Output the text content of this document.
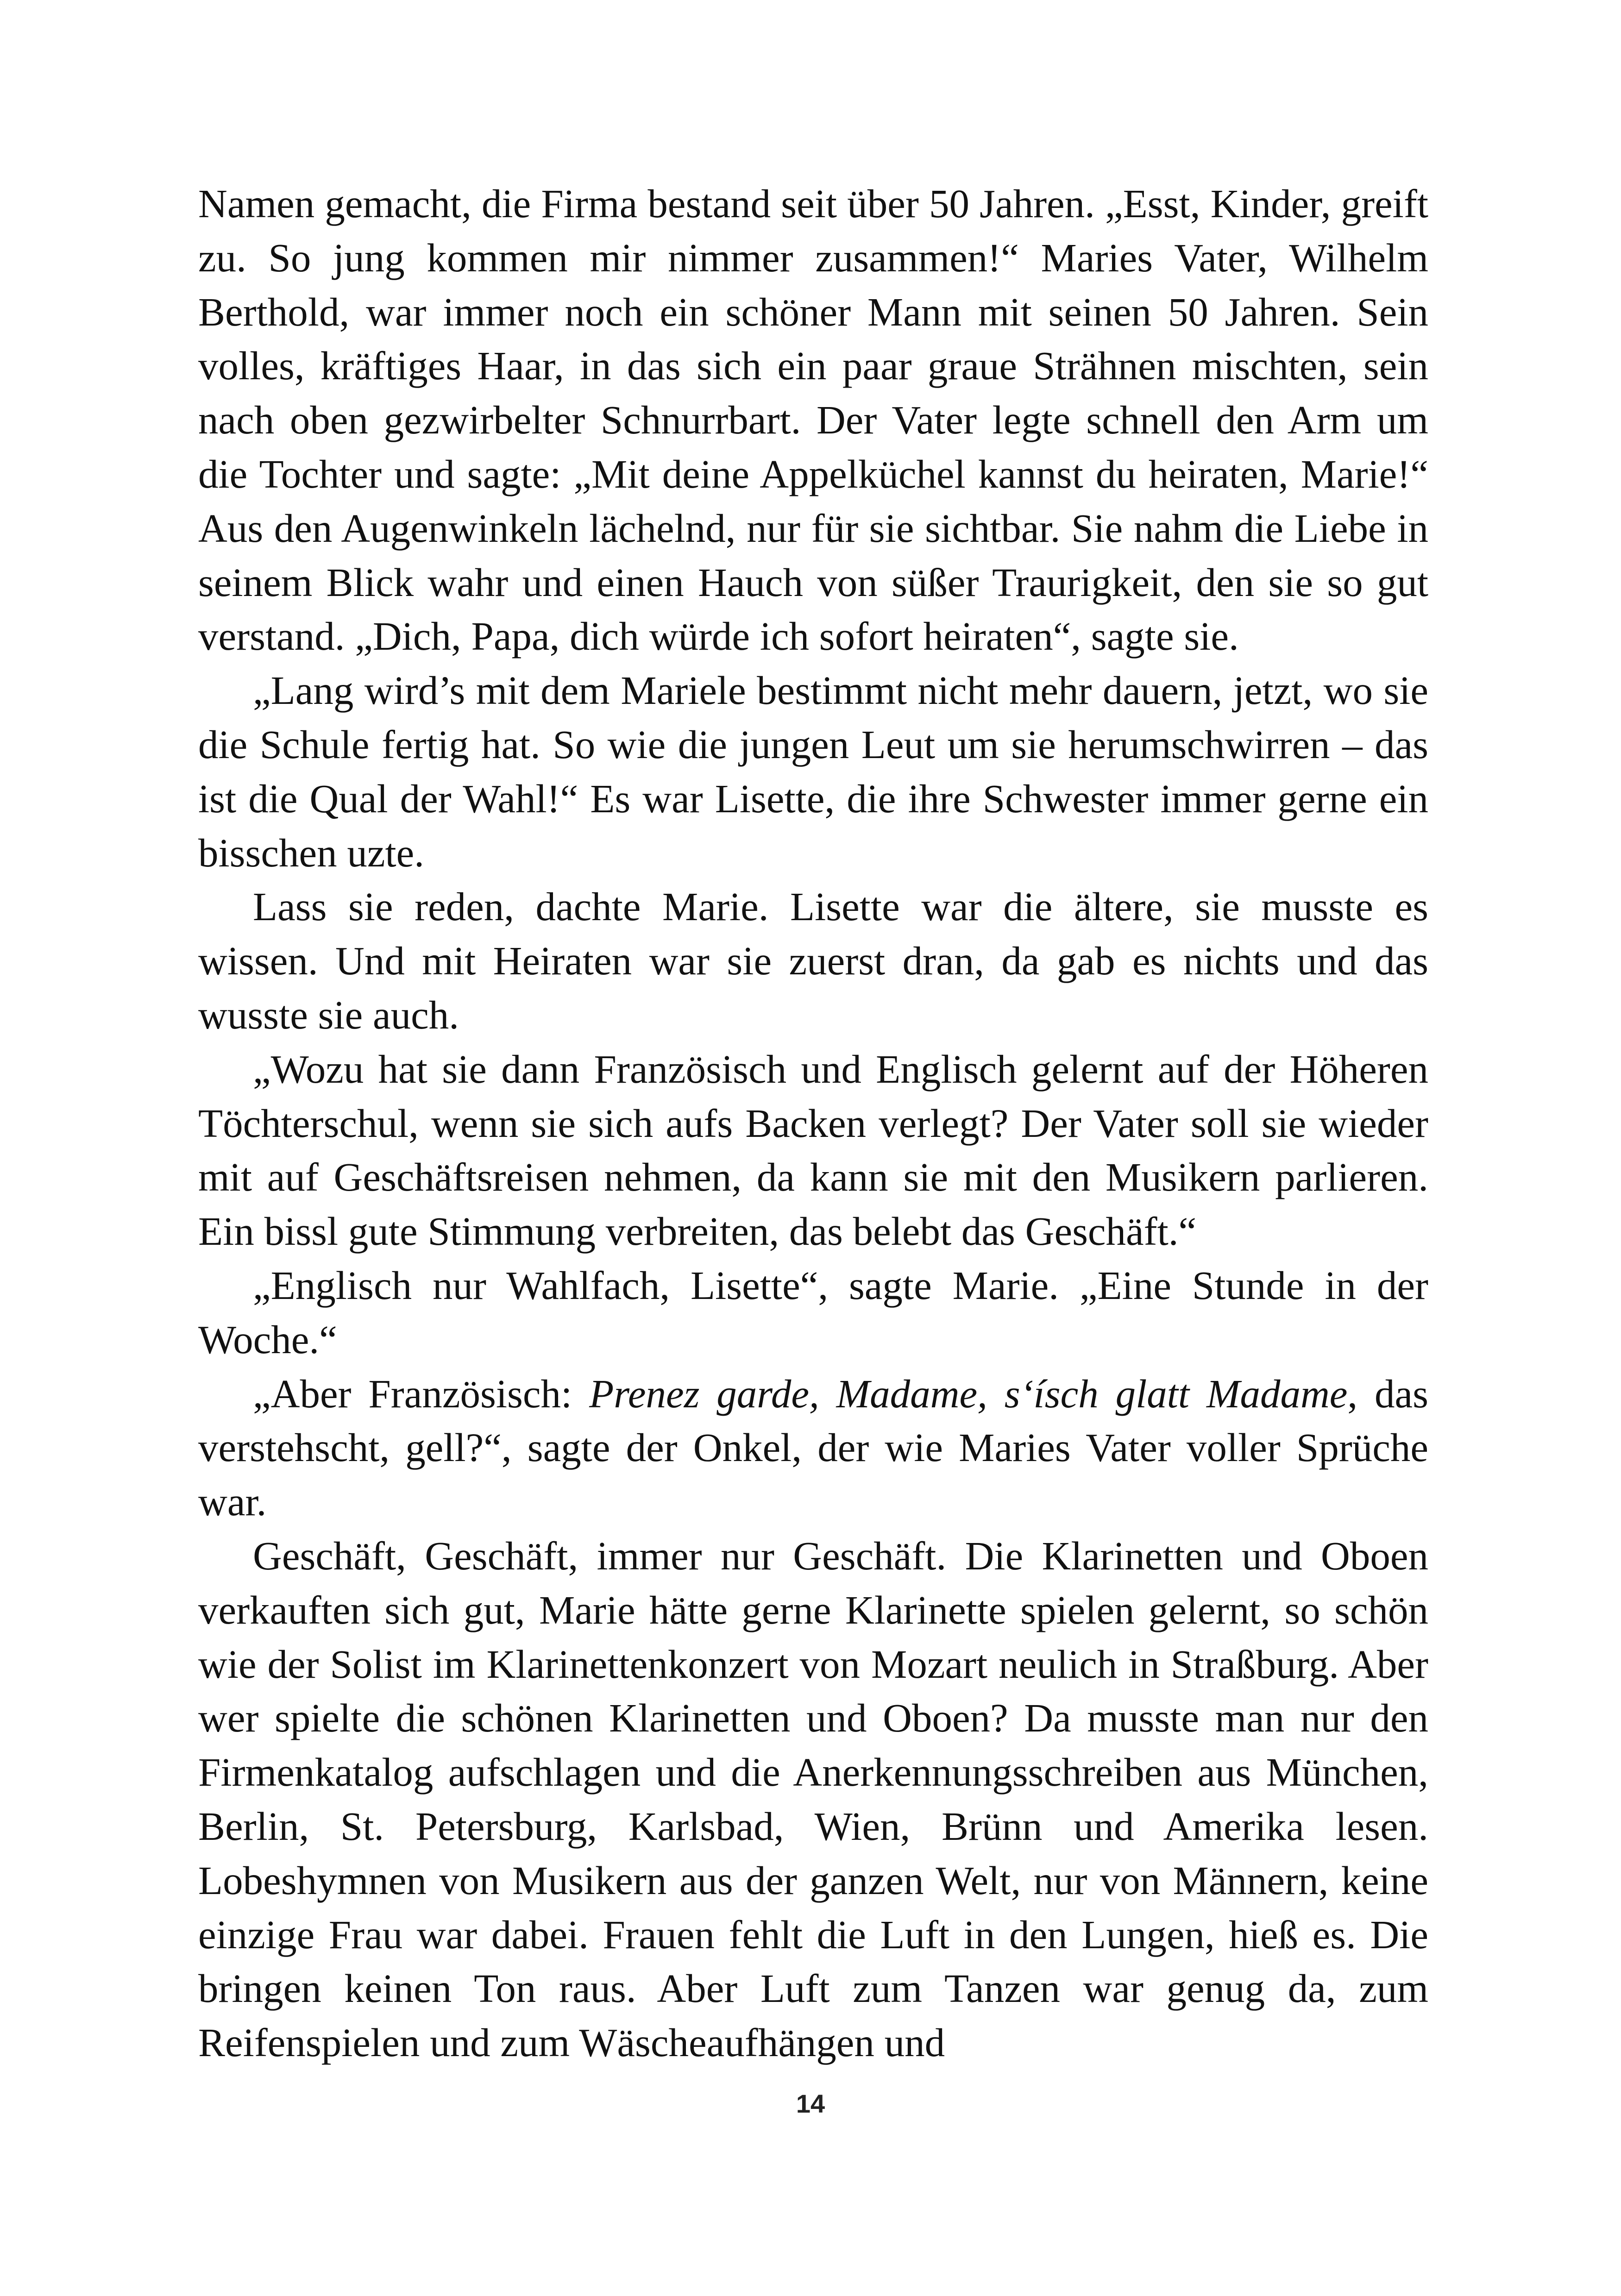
Namen gemacht, die Firma bestand seit über 50 Jahren. „Esst, Kinder, greift zu. So jung kommen mir nimmer zusammen!“ Maries Vater, Wilhelm Berthold, war immer noch ein schöner Mann mit seinen 50 Jahren. Sein volles, kräftiges Haar, in das sich ein paar graue Strähnen mischten, sein nach oben gezwirbelter Schnurrbart. Der Vater legte schnell den Arm um die Tochter und sagte: „Mit deine Appelküchel kannst du heiraten, Marie!“ Aus den Augenwinkeln lächelnd, nur für sie sichtbar. Sie nahm die Liebe in seinem Blick wahr und einen Hauch von süßer Traurigkeit, den sie so gut verstand. „Dich, Papa, dich würde ich sofort heiraten“, sagte sie.

„Lang wird’s mit dem Mariele bestimmt nicht mehr dauern, jetzt, wo sie die Schule fertig hat. So wie die jungen Leut um sie herumschwirren – das ist die Qual der Wahl!“ Es war Lisette, die ihre Schwester immer gerne ein bisschen uzte.

Lass sie reden, dachte Marie. Lisette war die ältere, sie musste es wissen. Und mit Heiraten war sie zuerst dran, da gab es nichts und das wusste sie auch.

„Wozu hat sie dann Französisch und Englisch gelernt auf der Höheren Töchterschul, wenn sie sich aufs Backen verlegt? Der Vater soll sie wieder mit auf Geschäftsreisen nehmen, da kann sie mit den Musikern parlieren. Ein bissl gute Stimmung verbreiten, das belebt das Geschäft.“

„Englisch nur Wahlfach, Lisette“, sagte Marie. „Eine Stunde in der Woche.“

„Aber Französisch: Prenez garde, Madame, s‘ísch glatt Madame, das verstehscht, gell?“, sagte der Onkel, der wie Maries Vater voller Sprüche war.

Geschäft, Geschäft, immer nur Geschäft. Die Klarinetten und Oboen verkauften sich gut, Marie hätte gerne Klarinette spielen gelernt, so schön wie der Solist im Klarinettenkonzert von Mozart neulich in Straßburg. Aber wer spielte die schönen Klarinetten und Oboen? Da musste man nur den Firmenkatalog aufschlagen und die Anerkennungsschreiben aus München, Berlin, St. Petersburg, Karlsbad, Wien, Brünn und Amerika lesen. Lobeshymnen von Musikern aus der ganzen Welt, nur von Männern, keine einzige Frau war dabei. Frauen fehlt die Luft in den Lungen, hieß es. Die bringen keinen Ton raus. Aber Luft zum Tanzen war genug da, zum Reifenspielen und zum Wäscheaufhängen und

14
